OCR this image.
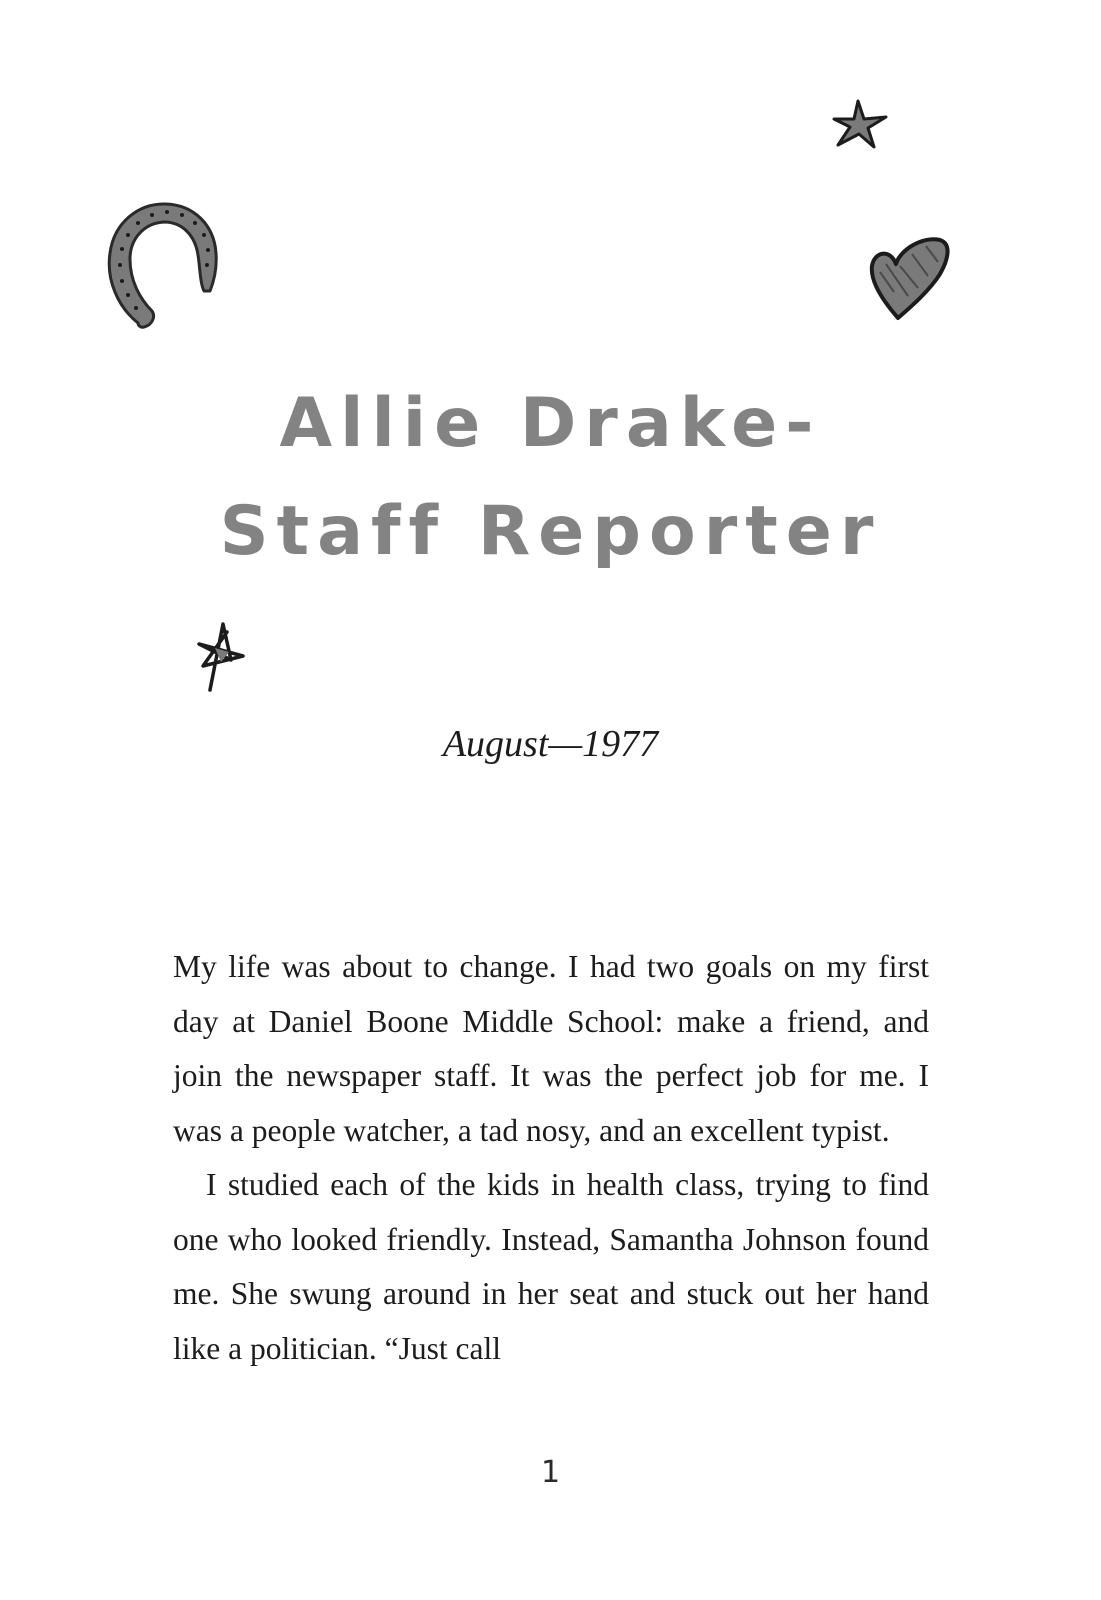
Allie Drake-
Staff Reporter
August—1977

My life was about to change. I had two goals on my first day at Daniel Boone Middle School: make a friend, and join the newspaper staff. It was the perfect job for me. I was a people watcher, a tad nosy, and an excellent typist.

I studied each of the kids in health class, trying to find one who looked friendly. Instead, Samantha Johnson found me. She swung around in her seat and stuck out her hand like a politician. “Just call

1
